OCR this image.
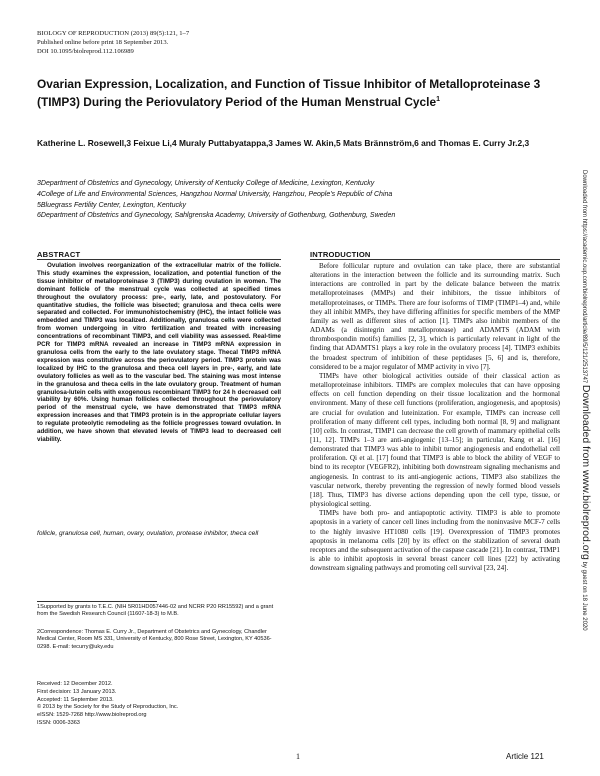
BIOLOGY OF REPRODUCTION (2013) 89(5):121, 1–7
Published online before print 18 September 2013.
DOI 10.1095/biolreprod.112.106989
Ovarian Expression, Localization, and Function of Tissue Inhibitor of Metalloproteinase 3 (TIMP3) During the Periovulatory Period of the Human Menstrual Cycle$^1$
Katherine L. Rosewell,3 Feixue Li,4 Muraly Puttabyatappa,3 James W. Akin,5 Mats Brännström,6 and Thomas E. Curry Jr.2,3
3Department of Obstetrics and Gynecology, University of Kentucky College of Medicine, Lexington, Kentucky
4College of Life and Environmental Sciences, Hangzhou Normal University, Hangzhou, People's Republic of China
5Bluegrass Fertility Center, Lexington, Kentucky
6Department of Obstetrics and Gynecology, Sahlgrenska Academy, University of Gothenburg, Gothenburg, Sweden	Downloaded from https://academic.oup.com/biolreprod/article/89/5/121/2513747 Downloaded from www.biolreprod.org by guest on 18 June 2020
ABSTRACT
Ovulation involves reorganization of the extracellular matrix of the follicle. This study examines the expression, localization, and potential function of the tissue inhibitor of metalloproteinase 3 (TIMP3) during ovulation in women. The dominant follicle of the menstrual cycle was collected at specified times throughout the ovulatory process: pre-, early, late, and postovulatory. For quantitative studies, the follicle was bisected; granulosa and theca cells were separated and collected. For immunohistochemistry (IHC), the intact follicle was embedded and TIMP3 was localized. Additionally, granulosa cells were collected from women undergoing in vitro fertilization and treated with increasing concentrations of recombinant TIMP3, and cell viability was assessed. Real-time PCR for TIMP3 mRNA revealed an increase in TIMP3 mRNA expression in granulosa cells from the early to the late ovulatory stage. Thecal TIMP3 mRNA expression was constitutive across the periovulatory period. TIMP3 protein was localized by IHC to the granulosa and theca cell layers in pre-, early, and late ovulatory follicles as well as to the vascular bed. The staining was most intense in the granulosa and theca cells in the late ovulatory group. Treatment of human granulosa-lutein cells with exogenous recombinant TIMP3 for 24 h decreased cell viability by 60%. Using human follicles collected throughout the periovulatory period of the menstrual cycle, we have demonstrated that TIMP3 mRNA expression increases and that TIMP3 protein is in the appropriate cellular layers to regulate proteolytic remodeling as the follicle progresses toward ovulation. In addition, we have shown that elevated levels of TIMP3 lead to decreased cell viability.
follicle, granulosa cell, human, ovary, ovulation, protease inhibitor, theca cell
1Supported by grants to T.E.C. (NIH 5R01HD057446-02 and NCRR P20 RR15592) and a grant from the Swedish Research Council (11607-18-3) to M.B.
2Correspondence: Thomas E. Curry Jr., Department of Obstetrics and Gynecology, Chandler Medical Center, Room MS 331, University of Kentucky, 800 Rose Street, Lexington, KY 40536-0298. E-mail: tecurry@uky.edu
Received: 12 December 2012.
First decision: 13 January 2013.
Accepted: 11 September 2013.
© 2013 by the Society for the Study of Reproduction, Inc.
eISSN: 1529-7268 http://www.biolreprod.org
ISSN: 0006-3363
INTRODUCTION

Before follicular rupture and ovulation can take place, there are substantial alterations in the interaction between the follicle and its surrounding matrix. Such interactions are controlled in part by the delicate balance between the matrix metalloproteinases (MMPs) and their inhibitors, the tissue inhibitors of metalloproteinases, or TIMPs. There are four isoforms of TIMP (TIMP1–4) and, while they all inhibit MMPs, they have differing affinities for specific members of the MMP family as well as different sites of action [1]. TIMPs also inhibit members of the ADAMs (a disintegrin and metalloprotease) and ADAMTS (ADAM with thrombospondin motifs) families [2, 3], which is particularly relevant in light of the finding that ADAMTS1 plays a key role in the ovulatory process [4]. TIMP3 exhibits the broadest spectrum of inhibition of these peptidases [5, 6] and is, therefore, considered to be a major regulator of MMP activity in vivo [7].

TIMPs have other biological activities outside of their classical action as metalloproteinase inhibitors. TIMPs are complex molecules that can have opposing effects on cell function depending on their tissue localization and the hormonal environment. Many of these cell functions (proliferation, angiogenesis, and apoptosis) are crucial for ovulation and luteinization. For example, TIMPs can increase cell proliferation of many different cell types, including both normal [8, 9] and malignant [10] cells. In contrast, TIMP1 can decrease the cell growth of mammary epithelial cells [11, 12]. TIMPs 1–3 are anti-angiogenic [13–15]; in particular, Kang et al. [16] demonstrated that TIMP3 was able to inhibit tumor angiogenesis and endothelial cell proliferation. Qi et al. [17] found that TIMP3 is able to block the ability of VEGF to bind to its receptor (VEGFR2), inhibiting both downstream signaling mechanisms and angiogenesis. In contrast to its anti-angiogenic actions, TIMP3 also stabilizes the vascular network, thereby preventing the regression of newly formed blood vessels [18]. Thus, TIMP3 has diverse actions depending upon the cell type, tissue, or physiological setting.

TIMPs have both pro- and antiapoptotic activity. TIMP3 is able to promote apoptosis in a variety of cancer cell lines including from the noninvasive MCF-7 cells to the highly invasive HT1080 cells [19]. Overexpression of TIMP3 promotes apoptosis in melanoma cells [20] by its effect on the stabilization of several death receptors and the subsequent activation of the caspase cascade [21]. In contrast, TIMP1 is able to inhibit apoptosis in several breast cancer cell lines [22] by activating downstream signaling pathways and promoting cell survival [23, 24].

1	Article 121
